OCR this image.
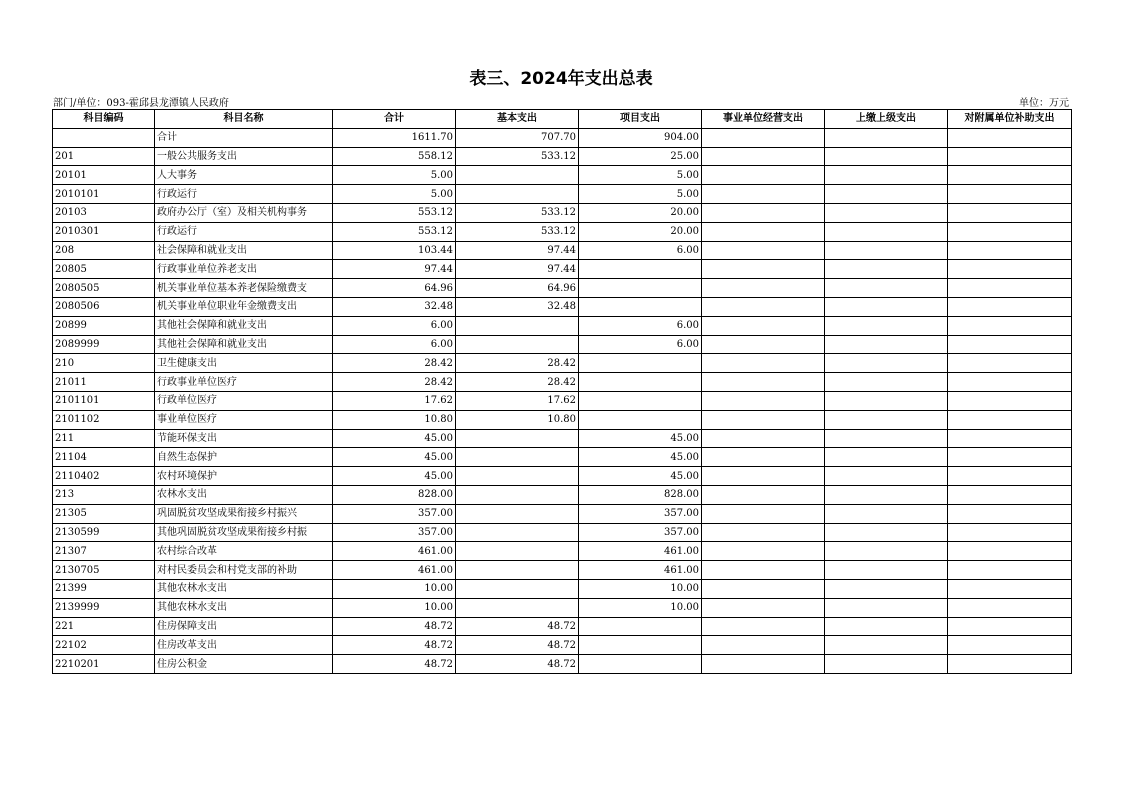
表三、2024年支出总表
部门/单位：093-霍邱县龙潭镇人民政府	单位：万元
科目编码	科目名称	合计	基本支出	项目支出	事业单位经营支出	上缴上级支出	对附属单位补助支出
	合计	1611.70	707.70	904.00			
201	一般公共服务支出	558.12	533.12	25.00			
20101	人大事务	5.00		5.00			
2010101	行政运行	5.00		5.00			
20103	政府办公厅（室）及相关机构事务	553.12	533.12	20.00			
2010301	行政运行	553.12	533.12	20.00			
208	社会保障和就业支出	103.44	97.44	6.00			
20805	行政事业单位养老支出	97.44	97.44				
2080505	机关事业单位基本养老保险缴费支	64.96	64.96				
2080506	机关事业单位职业年金缴费支出	32.48	32.48				
20899	其他社会保障和就业支出	6.00		6.00			
2089999	其他社会保障和就业支出	6.00		6.00			
210	卫生健康支出	28.42	28.42				
21011	行政事业单位医疗	28.42	28.42				
2101101	行政单位医疗	17.62	17.62				
2101102	事业单位医疗	10.80	10.80				
211	节能环保支出	45.00		45.00			
21104	自然生态保护	45.00		45.00			
2110402	农村环境保护	45.00		45.00			
213	农林水支出	828.00		828.00			
21305	巩固脱贫攻坚成果衔接乡村振兴	357.00		357.00			
2130599	其他巩固脱贫攻坚成果衔接乡村振	357.00		357.00			
21307	农村综合改革	461.00		461.00			
2130705	对村民委员会和村党支部的补助	461.00		461.00			
21399	其他农林水支出	10.00		10.00			
2139999	其他农林水支出	10.00		10.00			
221	住房保障支出	48.72	48.72				
22102	住房改革支出	48.72	48.72				
2210201	住房公积金	48.72	48.72				
